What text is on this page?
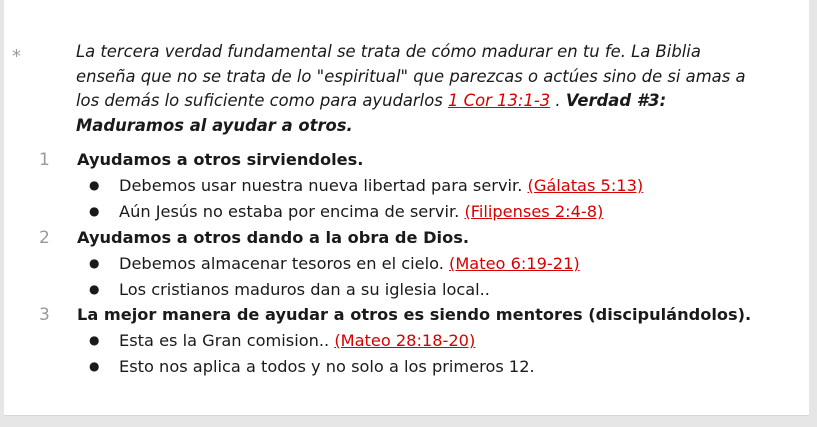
*	La tercera verdad fundamental se trata de cómo madurar en tu fe. La Biblia enseña que no se trata de lo "espiritual" que parezcas o actúes sino de si amas a los demás lo suficiente como para ayudarlos 1 Cor 13:1-3 . Verdad #3: Maduramos al ayudar a otros.

1	Ayudamos a otros sirviendoles.
● Debemos usar nuestra nueva libertad para servir. (Gálatas 5:13)
● Aún Jesús no estaba por encima de servir. (Filipenses 2:4-8)
2	Ayudamos a otros dando a la obra de Dios.
● Debemos almacenar tesoros en el cielo. (Mateo 6:19-21)
● Los cristianos maduros dan a su iglesia local..
3	La mejor manera de ayudar a otros es siendo mentores (discipulándolos).
● Esta es la Gran comision.. (Mateo 28:18-20)
● Esto nos aplica a todos y no solo a los primeros 12.
